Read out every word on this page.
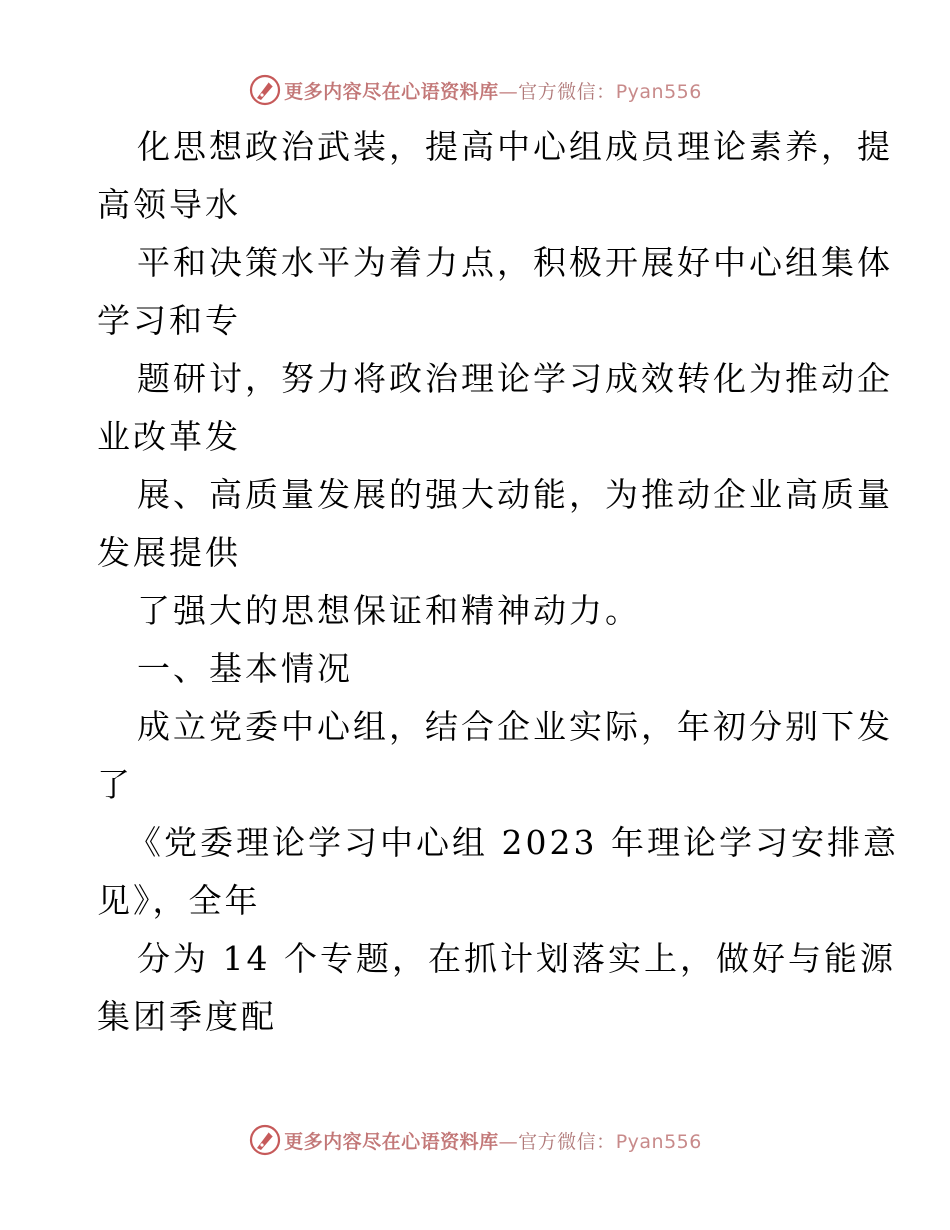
更多内容尽在心语资料库—官方微信：Pyan556
化思想政治武装，提高中心组成员理论素养，提
高领导水
平和决策水平为着力点，积极开展好中心组集体
学习和专
题研讨，努力将政治理论学习成效转化为推动企
业改革发
展、高质量发展的强大动能，为推动企业高质量
发展提供
了强大的思想保证和精神动力。
一、基本情况
成立党委中心组，结合企业实际，年初分别下发
了
《党委理论学习中心组 2023 年理论学习安排意
见》，全年
分为 14 个专题，在抓计划落实上，做好与能源
集团季度配
更多内容尽在心语资料库—官方微信：Pyan556
